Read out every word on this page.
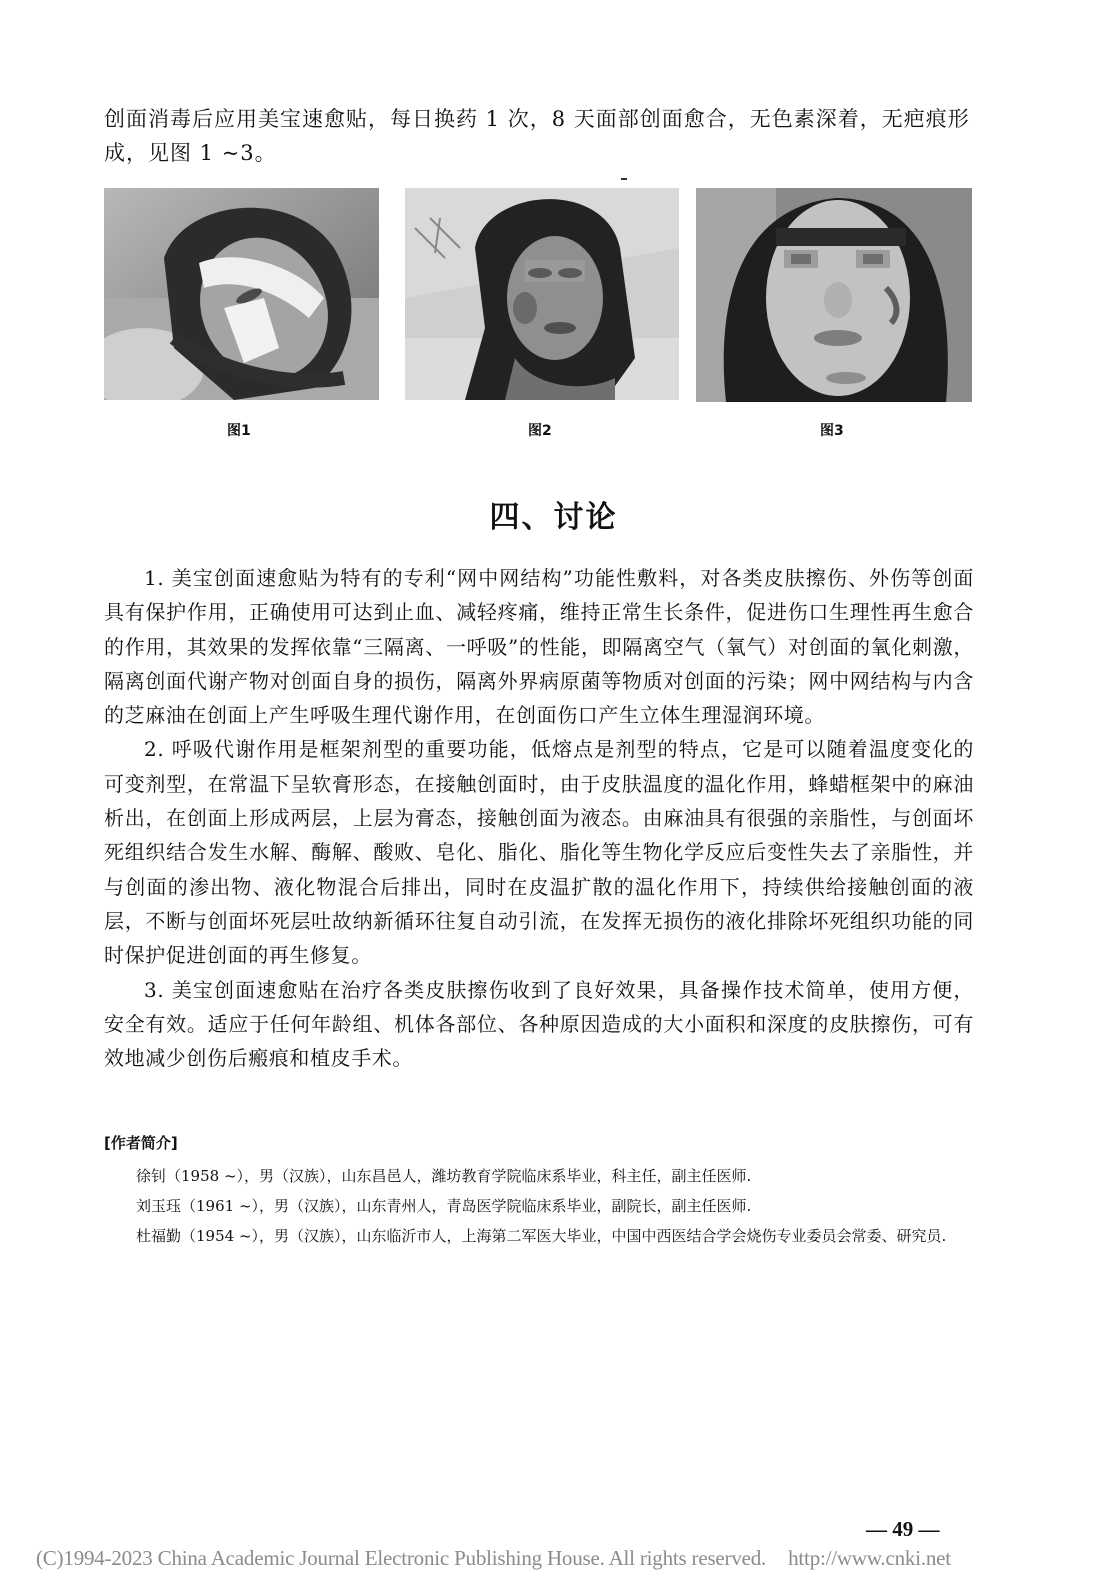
创面消毒后应用美宝速愈贴，每日换药 1 次，8 天面部创面愈合，无色素深着，无疤痕形成，见图 1 ~3。

图1	图2	图3
四、讨论

1. 美宝创面速愈贴为特有的专利“网中网结构”功能性敷料，对各类皮肤擦伤、外伤等创面具有保护作用，正确使用可达到止血、减轻疼痛，维持正常生长条件，促进伤口生理性再生愈合的作用，其效果的发挥依靠“三隔离、一呼吸”的性能，即隔离空气（氧气）对创面的氧化刺激，隔离创面代谢产物对创面自身的损伤，隔离外界病原菌等物质对创面的污染；网中网结构与内含的芝麻油在创面上产生呼吸生理代谢作用，在创面伤口产生立体生理湿润环境。

2. 呼吸代谢作用是框架剂型的重要功能，低熔点是剂型的特点，它是可以随着温度变化的可变剂型，在常温下呈软膏形态，在接触创面时，由于皮肤温度的温化作用，蜂蜡框架中的麻油析出，在创面上形成两层，上层为膏态，接触创面为液态。由麻油具有很强的亲脂性，与创面坏死组织结合发生水解、酶解、酸败、皂化、脂化、脂化等生物化学反应后变性失去了亲脂性，并与创面的渗出物、液化物混合后排出，同时在皮温扩散的温化作用下，持续供给接触创面的液层，不断与创面坏死层吐故纳新循环往复自动引流，在发挥无损伤的液化排除坏死组织功能的同时保护促进创面的再生修复。

3. 美宝创面速愈贴在治疗各类皮肤擦伤收到了良好效果，具备操作技术简单，使用方便，安全有效。适应于任何年龄组、机体各部位、各种原因造成的大小面积和深度的皮肤擦伤，可有效地减少创伤后瘢痕和植皮手术。

[作者简介]
徐钊（1958 ~），男（汉族），山东昌邑人，潍坊教育学院临床系毕业，科主任，副主任医师.
刘玉珏（1961 ~），男（汉族），山东青州人，青岛医学院临床系毕业，副院长，副主任医师.
杜福勤（1954 ~），男（汉族），山东临沂市人，上海第二军医大毕业，中国中西医结合学会烧伤专业委员会常委、研究员.
— 49 —
(C)1994-2023 China Academic Journal Electronic Publishing House. All rights reserved. http://www.cnki.net
